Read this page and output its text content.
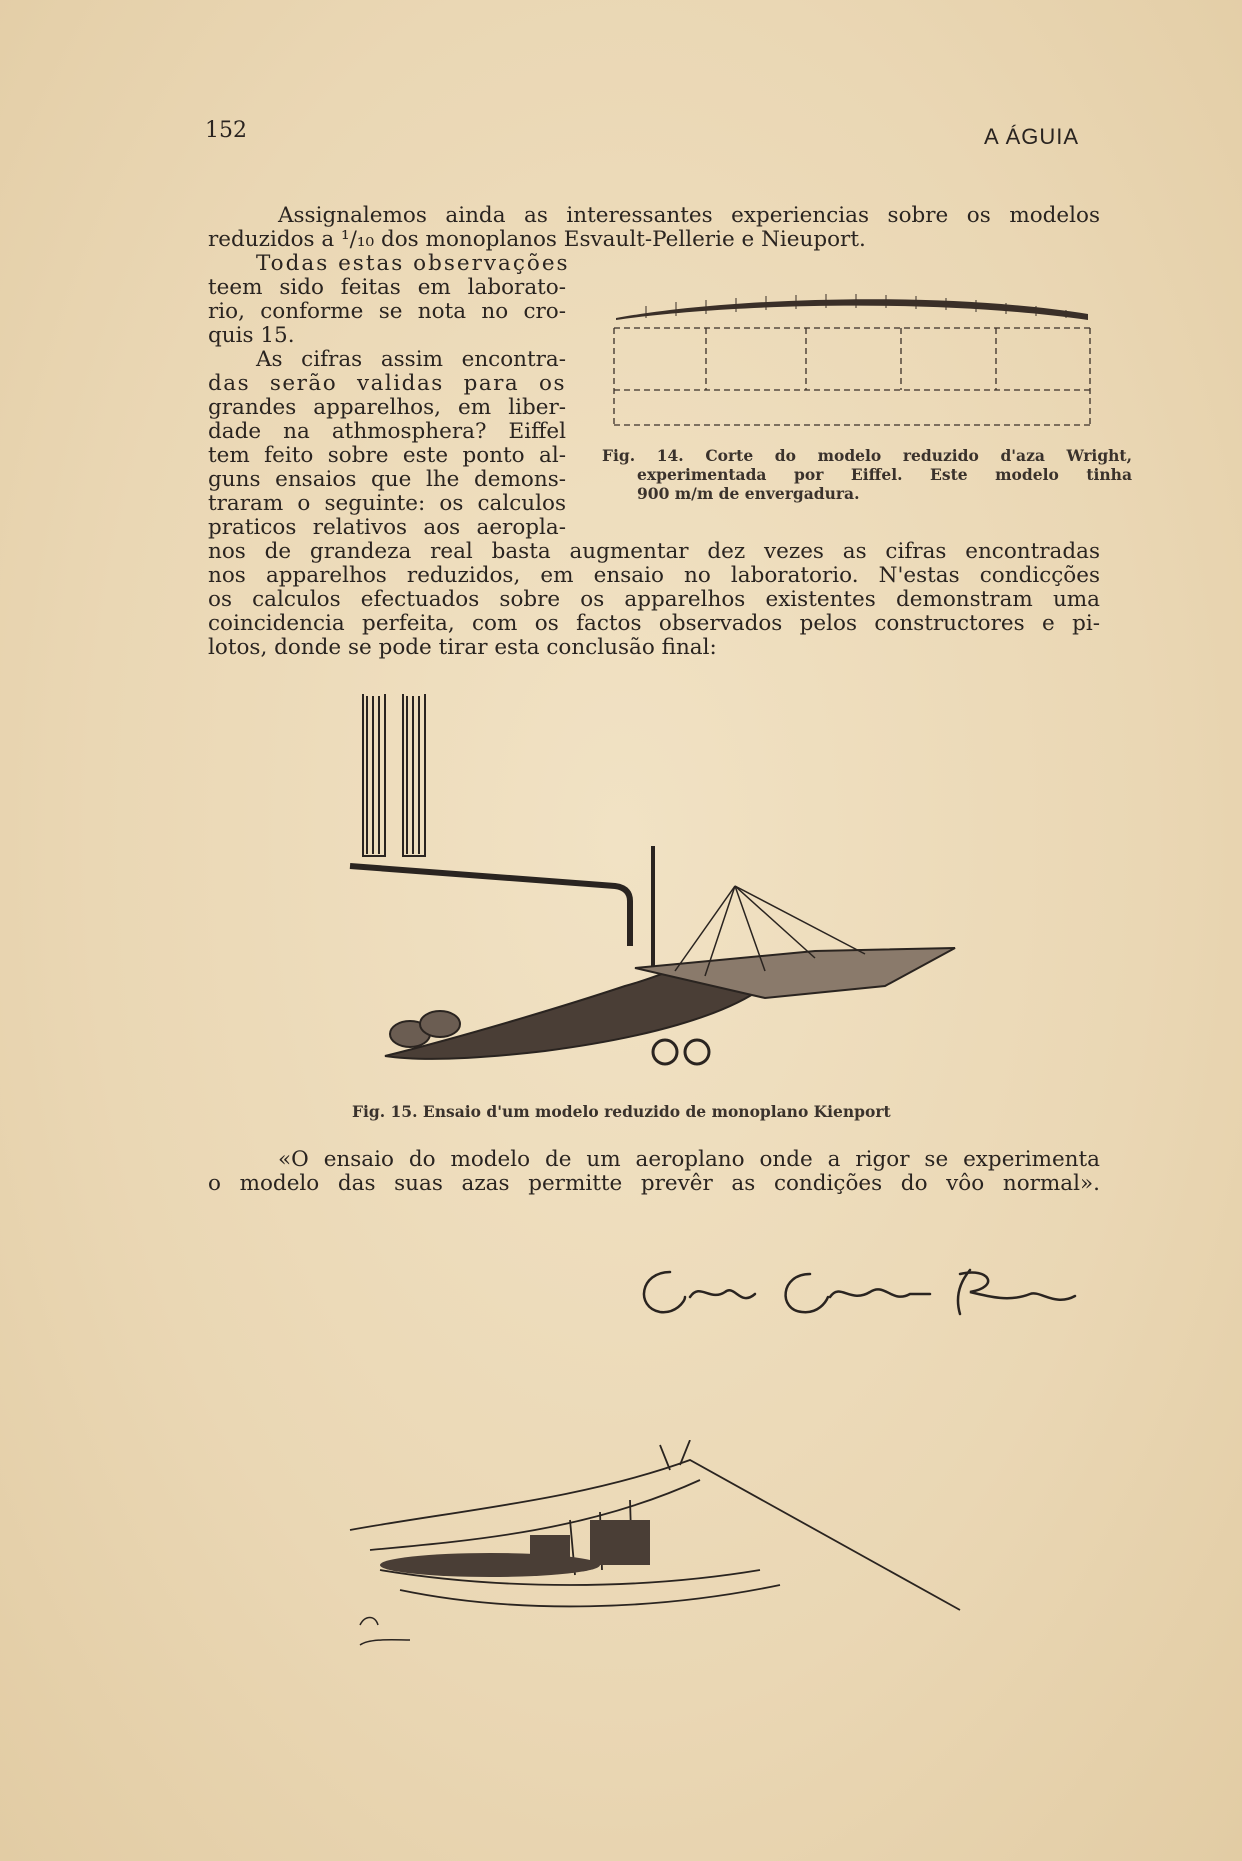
152	A ÁGUIA
Assignalemos ainda as interessantes experiencias sobre os modelos
reduzidos a ¹/₁₀ dos monoplanos Esvault-Pellerie e Nieuport.
Todas estas observações
teem sido feitas em laborato-
rio, conforme se nota no cro-
quis 15.
As cifras assim encontra-
das serão validas para os
grandes apparelhos, em liber-
dade na athmosphera? Eiffel
tem feito sobre este ponto al-
guns ensaios que lhe demons-
traram o seguinte: os calculos
praticos relativos aos aeropla-
Fig. 14. Corte do modelo reduzido d'aza Wright,
experimentada por Eiffel. Este modelo tinha
900 m/m de envergadura.
nos de grandeza real basta augmentar dez vezes as cifras encontradas
nos apparelhos reduzidos, em ensaio no laboratorio. N'estas condicções
os calculos efectuados sobre os apparelhos existentes demonstram uma
coincidencia perfeita, com os factos observados pelos constructores e pi-
lotos, donde se pode tirar esta conclusão final:
Fig. 15. Ensaio d'um modelo reduzido de monoplano Kienport
«O ensaio do modelo de um aeroplano onde a rigor se experimenta
o modelo das suas azas permitte prevêr as condições do vôo normal».
